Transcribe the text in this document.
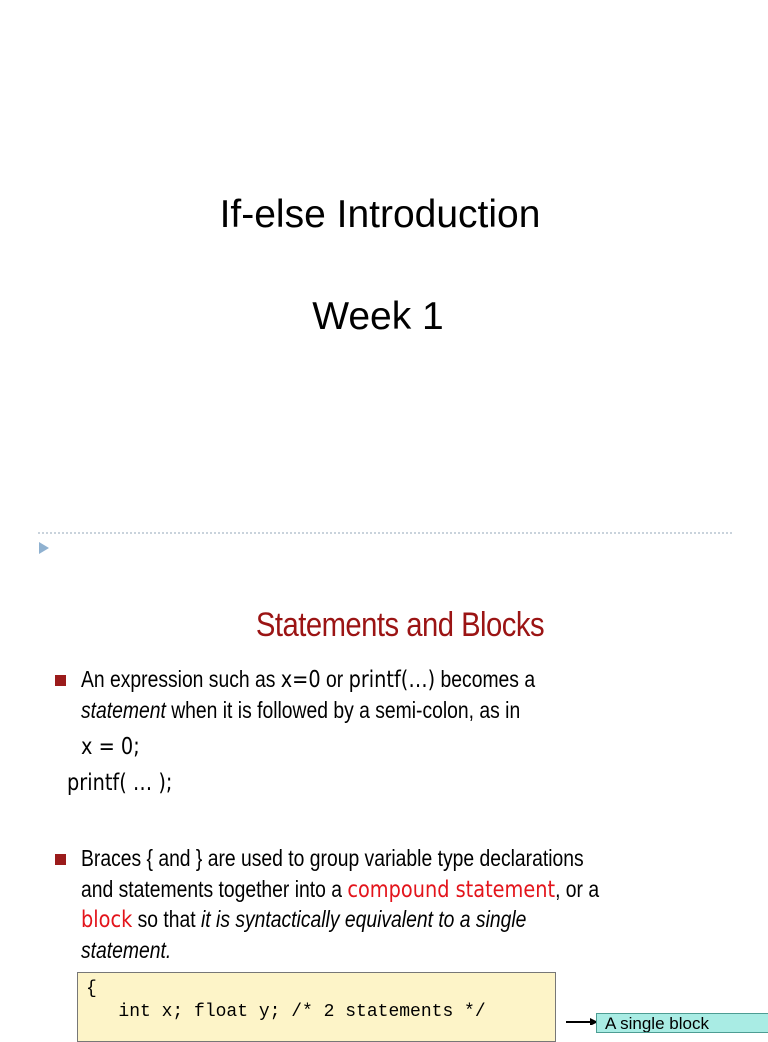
If-else Introduction
Week 1
Statements and Blocks
An expression such as x=0 or printf(…) becomes a
statement when it is followed by a semi-colon, as in
x = 0;
printf( … );
Braces { and } are used to group variable type declarations
and statements together into a compound statement, or a
block so that it is syntactically equivalent to a single
statement.
{
int x; float y; /* 2 statements */
A single block
